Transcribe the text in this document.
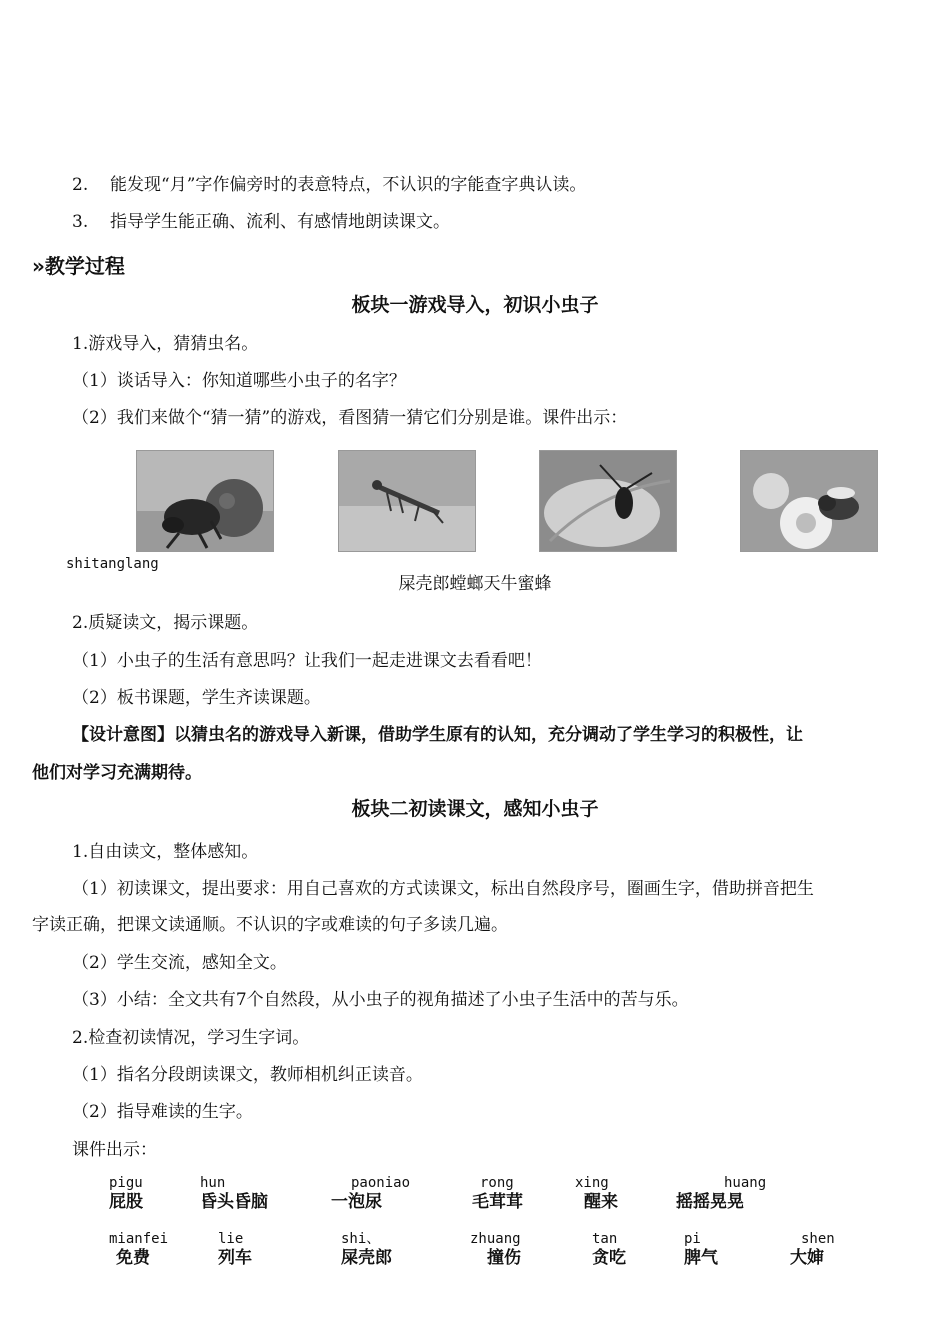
2. 能发现“月”字作偏旁时的表意特点，不认识的字能查字典认读。
3. 指导学生能正确、流利、有感情地朗读课文。
»教学过程
板块一游戏导入，初识小虫子
1.游戏导入，猜猜虫名。
（1）谈话导入：你知道哪些小虫子的名字？
（2）我们来做个“猜一猜”的游戏，看图猜一猜它们分别是谁。课件出示：
shitanglang
屎壳郎螳螂天牛蜜蜂
2.质疑读文，揭示课题。
（1）小虫子的生活有意思吗？让我们一起走进课文去看看吧！
（2）板书课题，学生齐读课题。
【设计意图】以猜虫名的游戏导入新课，借助学生原有的认知，充分调动了学生学习的积极性，让
他们对学习充满期待。
板块二初读课文，感知小虫子
1.自由读文，整体感知。
（1）初读课文，提出要求：用自己喜欢的方式读课文，标出自然段序号，圈画生字，借助拼音把生
字读正确，把课文读通顺。不认识的字或难读的句子多读几遍。
（2）学生交流，感知全文。
（3）小结：全文共有7个自然段，从小虫子的视角描述了小虫子生活中的苦与乐。
2.检查初读情况，学习生字词。
（1）指名分段朗读课文，教师相机纠正读音。
（2）指导难读的生字。
课件出示：
pigu
屁股
hun
昏头昏脑
paoniao
一泡尿
rong
毛茸茸
xing
醒来
huang
摇摇晃晃
mianfei
免费
lie
列车
shi、
屎壳郎
zhuang
撞伤
tan
贪吃
pi
脾气
shen
大婶
